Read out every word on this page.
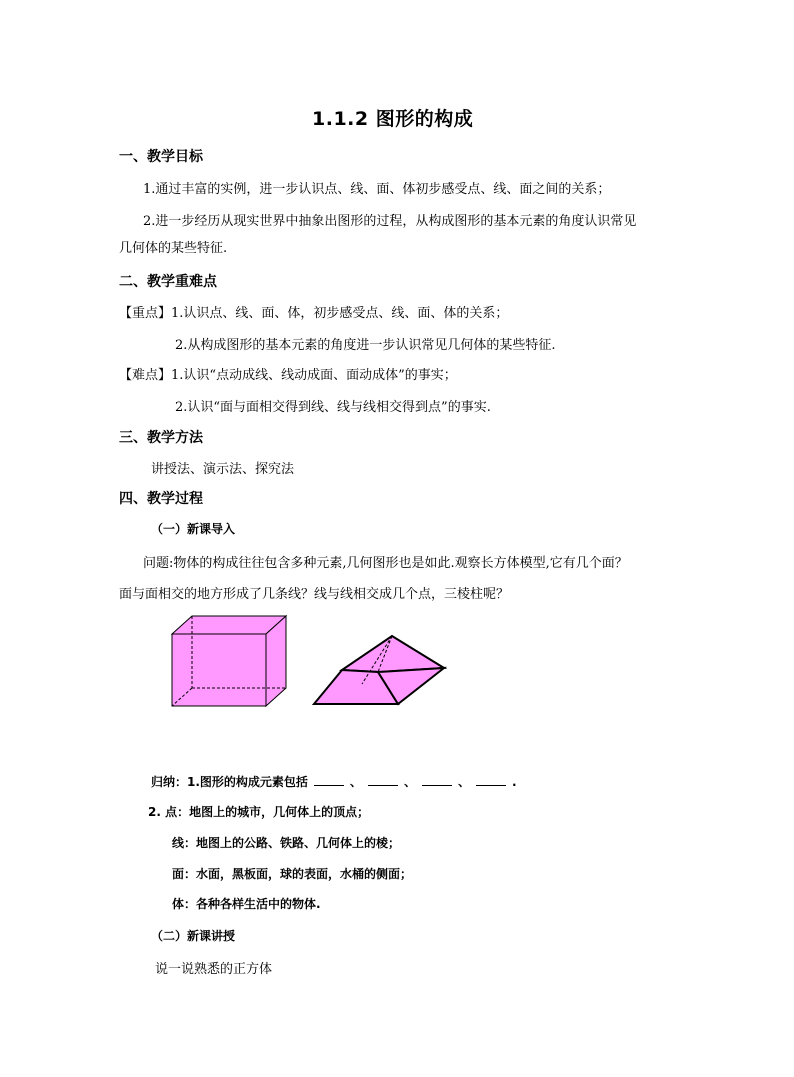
1.1.2 图形的构成
一、教学目标
1.通过丰富的实例，进一步认识点、线、面、体初步感受点、线、面之间的关系；
2.进一步经历从现实世界中抽象出图形的过程，从构成图形的基本元素的角度认识常见
几何体的某些特征.
二、教学重难点
【重点】1.认识点、线、面、体，初步感受点、线、面、体的关系；
2.从构成图形的基本元素的角度进一步认识常见几何体的某些特征.
【难点】1.认识“点动成线、线动成面、面动成体”的事实；
2.认识“面与面相交得到线、线与线相交得到点”的事实.
三、教学方法
讲授法、演示法、探究法
四、教学过程
（一）新课导入
问题:物体的构成往往包含多种元素,几何图形也是如此.观察长方体模型,它有几个面？
面与面相交的地方形成了几条线？线与线相交成几个点，三棱柱呢？
归纳：1.图形的构成元素包括	、	、	、	.
2. 点：地图上的城市，几何体上的顶点；
线：地图上的公路、铁路、几何体上的棱；
面：水面，黑板面，球的表面，水桶的侧面；
体：各种各样生活中的物体.
（二）新课讲授
说一说熟悉的正方体
